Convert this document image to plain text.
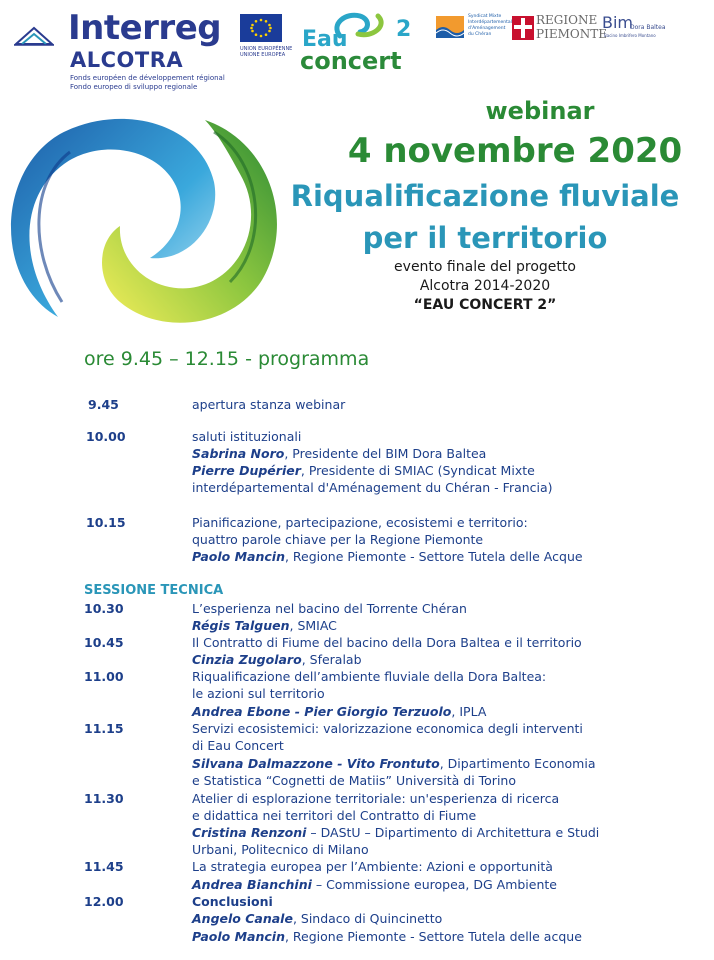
Interreg
ALCOTRA
Fonds européen de développement régional
Fondo europeo di sviluppo regionale
UNION EUROPÉENNE
UNIONE EUROPEA
Eau
concert
2
Syndicat Mixte
Interdépartemental
d'Aménagement
du Chéran
REGIONE
PIEMONTE
Bim
Dora Baltea
Bacino Imbrifero Montano
webinar
4 novembre 2020
Riqualificazione fluviale
per il territorio
evento finale del progetto
Alcotra 2014-2020
“EAU CONCERT 2”
ore 9.45 – 12.15 - programma
9.45	apertura stanza webinar
10.00	saluti istituzionali
Sabrina Noro, Presidente del BIM Dora Baltea
Pierre Dupérier, Presidente di SMIAC (Syndicat Mixte
interdépartemental d'Aménagement du Chéran - Francia)
10.15	Pianificazione, partecipazione, ecosistemi e territorio:
quattro parole chiave per la Regione Piemonte
Paolo Mancin, Regione Piemonte - Settore Tutela delle Acque
SESSIONE TECNICA
10.30	L’esperienza nel bacino del Torrente Chéran
Régis Talguen, SMIAC
10.45	Il Contratto di Fiume del bacino della Dora Baltea e il territorio
Cinzia Zugolaro, Sferalab
11.00	Riqualificazione dell’ambiente fluviale della Dora Baltea:
le azioni sul territorio
Andrea Ebone - Pier Giorgio Terzuolo, IPLA
11.15	Servizi ecosistemici: valorizzazione economica degli interventi
di Eau Concert
Silvana Dalmazzone - Vito Frontuto, Dipartimento Economia
e Statistica “Cognetti de Matiis” Università di Torino
11.30	Atelier di esplorazione territoriale: un'esperienza di ricerca
e didattica nei territori del Contratto di Fiume
Cristina Renzoni – DAStU – Dipartimento di Architettura e Studi
Urbani, Politecnico di Milano
11.45	La strategia europea per l’Ambiente: Azioni e opportunità
Andrea Bianchini – Commissione europea, DG Ambiente
12.00	Conclusioni
Angelo Canale, Sindaco di Quincinetto
Paolo Mancin, Regione Piemonte - Settore Tutela delle acque
